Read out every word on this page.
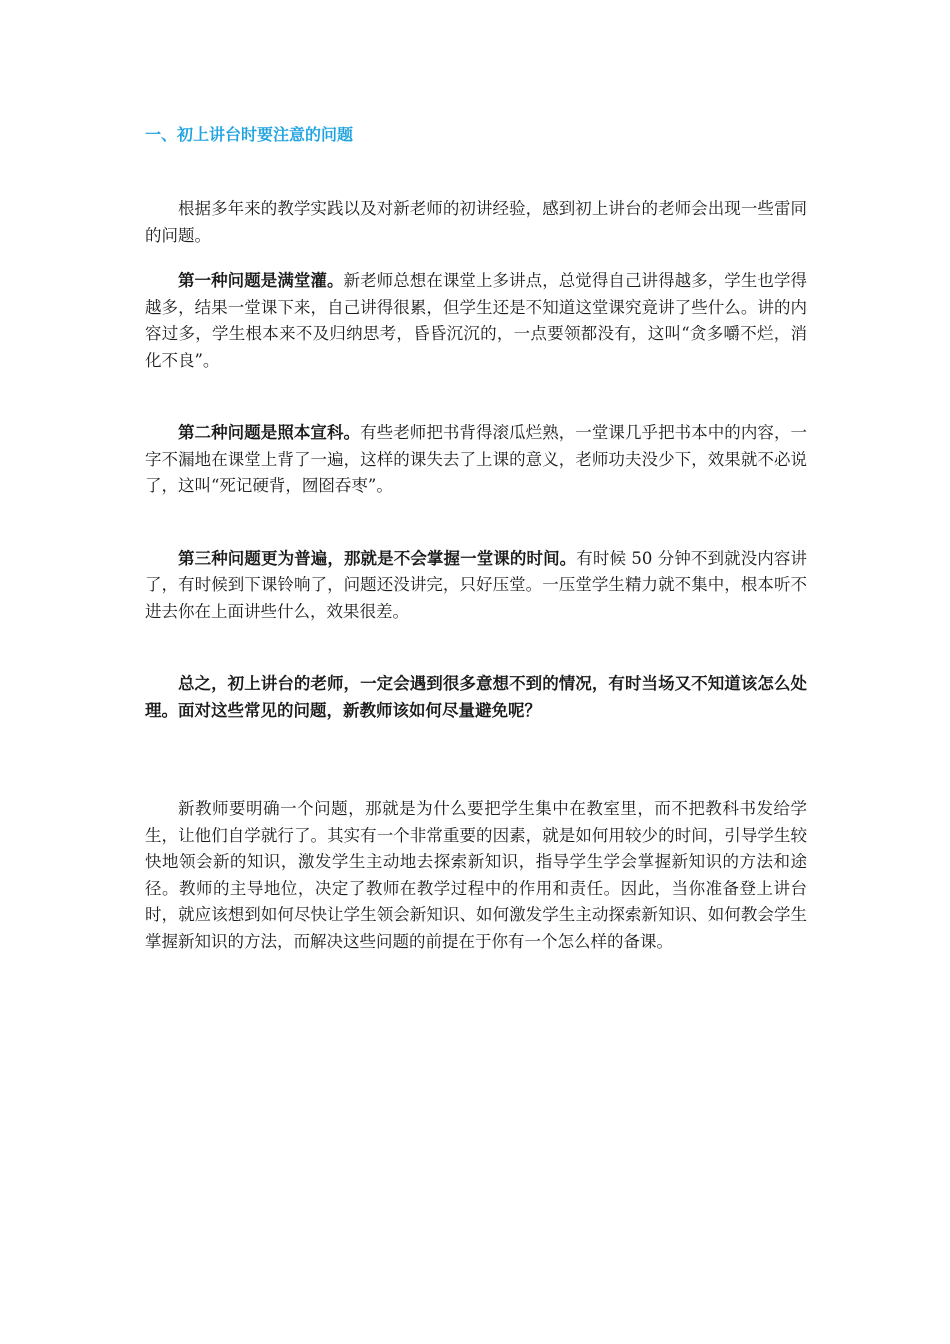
一、初上讲台时要注意的问题

根据多年来的教学实践以及对新老师的初讲经验，感到初上讲台的老师会出现一些雷同的问题。

第一种问题是满堂灌。新老师总想在课堂上多讲点，总觉得自己讲得越多，学生也学得越多，结果一堂课下来，自己讲得很累，但学生还是不知道这堂课究竟讲了些什么。讲的内容过多，学生根本来不及归纳思考，昏昏沉沉的，一点要领都没有，这叫“贪多嚼不烂，消化不良”。

第二种问题是照本宣科。有些老师把书背得滚瓜烂熟，一堂课几乎把书本中的内容，一字不漏地在课堂上背了一遍，这样的课失去了上课的意义，老师功夫没少下，效果就不必说了，这叫“死记硬背，囫囵吞枣”。

第三种问题更为普遍，那就是不会掌握一堂课的时间。有时候 50 分钟不到就没内容讲了，有时候到下课铃响了，问题还没讲完，只好压堂。一压堂学生精力就不集中，根本听不进去你在上面讲些什么，效果很差。

总之，初上讲台的老师，一定会遇到很多意想不到的情况，有时当场又不知道该怎么处理。面对这些常见的问题，新教师该如何尽量避免呢？

新教师要明确一个问题，那就是为什么要把学生集中在教室里，而不把教科书发给学生，让他们自学就行了。其实有一个非常重要的因素，就是如何用较少的时间，引导学生较快地领会新的知识，激发学生主动地去探索新知识，指导学生学会掌握新知识的方法和途径。教师的主导地位，决定了教师在教学过程中的作用和责任。因此，当你准备登上讲台时，就应该想到如何尽快让学生领会新知识、如何激发学生主动探索新知识、如何教会学生掌握新知识的方法，而解决这些问题的前提在于你有一个怎么样的备课。
